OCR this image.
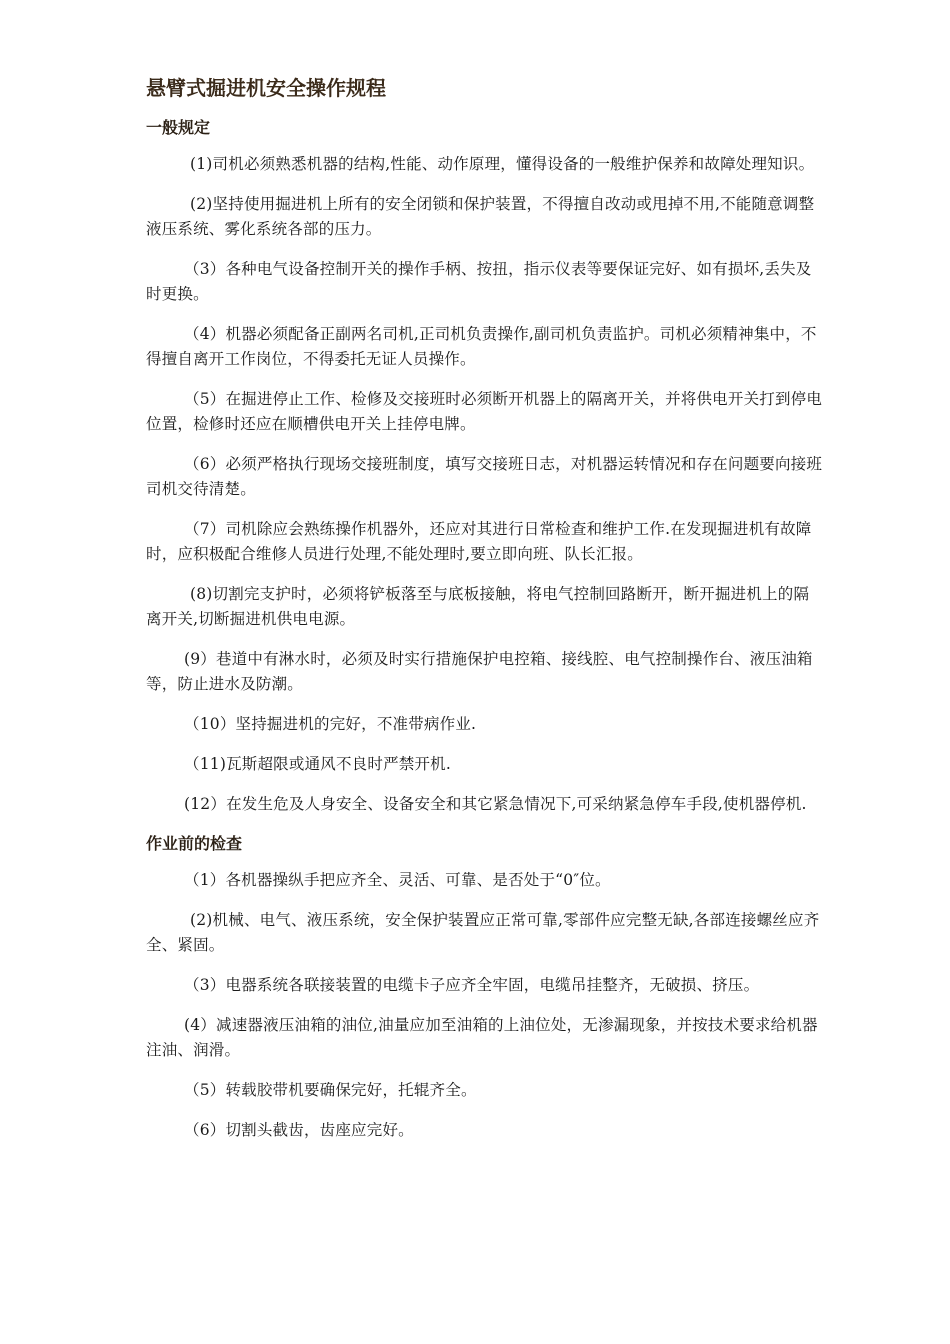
悬臂式掘进机安全操作规程
一般规定

(1)司机必须熟悉机器的结构,性能、动作原理，懂得设备的一般维护保养和故障处理知识。

(2)坚持使用掘进机上所有的安全闭锁和保护装置，不得擅自改动或甩掉不用,不能随意调整液压系统、雾化系统各部的压力。

（3）各种电气设备控制开关的操作手柄、按扭，指示仪表等要保证完好、如有损坏,丢失及时更换。

（4）机器必须配备正副两名司机,正司机负责操作,副司机负责监护。司机必须精神集中，不得擅自离开工作岗位，不得委托无证人员操作。

（5）在掘进停止工作、检修及交接班时必须断开机器上的隔离开关，并将供电开关打到停电位置，检修时还应在顺槽供电开关上挂停电牌。

（6）必须严格执行现场交接班制度，填写交接班日志，对机器运转情况和存在问题要向接班司机交待清楚。

（7）司机除应会熟练操作机器外，还应对其进行日常检查和维护工作.在发现掘进机有故障时，应积极配合维修人员进行处理,不能处理时,要立即向班、队长汇报。

(8)切割完支护时，必须将铲板落至与底板接触，将电气控制回路断开，断开掘进机上的隔离开关,切断掘进机供电电源。

(9）巷道中有淋水时，必须及时实行措施保护电控箱、接线腔、电气控制操作台、液压油箱等，防止进水及防潮。

（10）坚持掘进机的完好，不准带病作业.

（11)瓦斯超限或通风不良时严禁开机.

(12）在发生危及人身安全、设备安全和其它紧急情况下,可采纳紧急停车手段,使机器停机.

作业前的检查

（1）各机器操纵手把应齐全、灵活、可靠、是否处于“0″位。

(2)机械、电气、液压系统，安全保护装置应正常可靠,零部件应完整无缺,各部连接螺丝应齐全、紧固。

（3）电器系统各联接装置的电缆卡子应齐全牢固，电缆吊挂整齐，无破损、挤压。

(4）减速器液压油箱的油位,油量应加至油箱的上油位处，无渗漏现象，并按技术要求给机器注油、润滑。

（5）转载胶带机要确保完好，托辊齐全。

（6）切割头截齿，齿座应完好。
